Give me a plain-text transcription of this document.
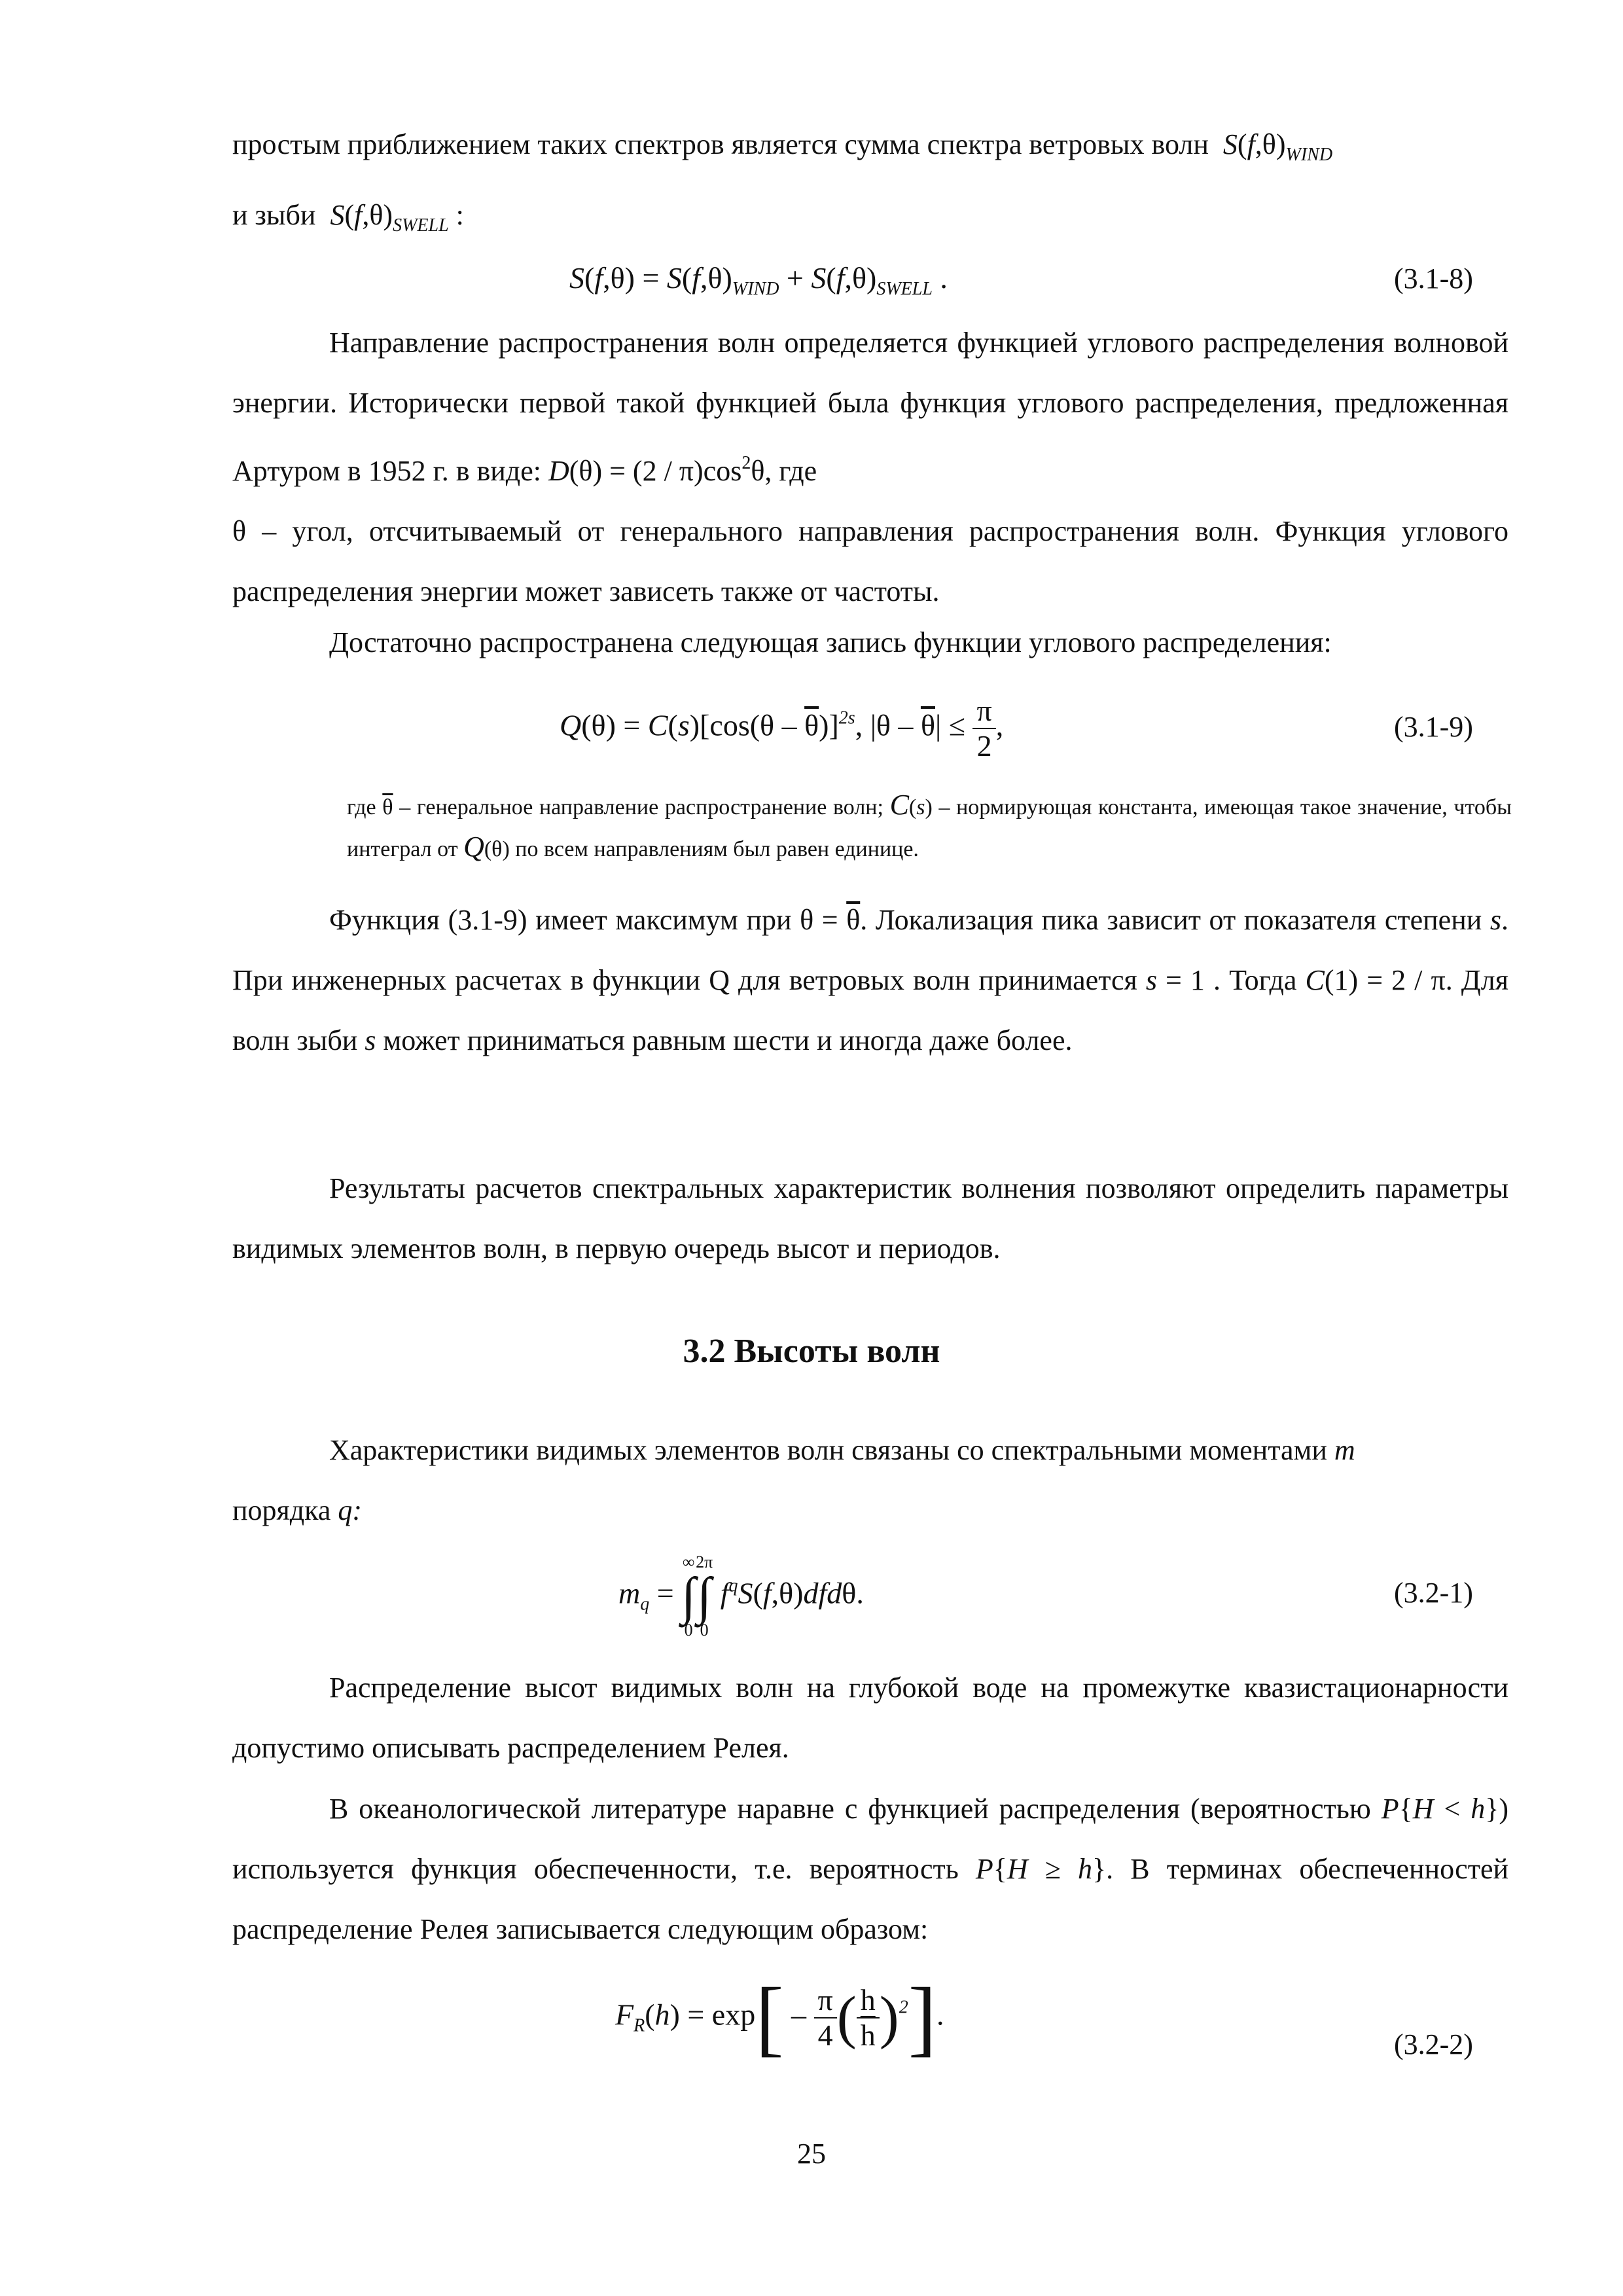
простым приближением таких спектров является сумма спектра ветровых волн  $S(f,\theta)_{WIND}$

и зыби  $S(f,\theta)_{SWELL}$ :

$S(f,\theta) = S(f,\theta)_{WIND} + S(f,\theta)_{SWELL}$ .	(3.1-8)

Направление распространения волн определяется функцией углового распределения волновой энергии. Исторически первой такой функцией была функция углового распределения, предложенная Артуром в 1952 г. в виде: $D(\theta) = (2 / \pi)\cos^2\theta$, где

θ – угол, отсчитываемый от генерального направления распространения волн. Функция углового распределения энергии может зависеть также от частоты.

Достаточно распространена следующая запись функции углового распределения:

$Q(\theta) = C(s)[\cos(\theta - \overline{\theta})]^{2s}$, $|\theta - \overline{\theta}| \le \frac{\pi}{2}$ ,	(3.1-9)

где $\overline{\theta}$ – генеральное направление распространение волн; C(s) – нормирующая константа, имеющая такое значение, чтобы интеграл от Q(θ) по всем направлениям был равен единице.

Функция (3.1-9) имеет максимум при $\theta = \overline{\theta}$. Локализация пика зависит от показателя степени s. При инженерных расчетах в функции Q для ветровых волн принимается s = 1 . Тогда C(1) = 2 / π. Для волн зыби s может приниматься равным шести и иногда даже более.

Результаты расчетов спектральных характеристик волнения позволяют определить параметры видимых элементов волн, в первую очередь высот и периодов.

3.2 Высоты волн

Характеристики видимых элементов волн связаны со спектральными моментами m

порядка q:

$m_q$ =
∞
∫
0
2π
∫
0
$f^qS(f,\theta)dfd\theta$.	(3.2-1)

Распределение высот видимых волн на глубокой воде на промежутке квазистационарности допустимо описывать распределением Релея.

В океанологической литературе наравне с функцией распределения (вероятностью P{H < h}) используется функция обеспеченности, т.е. вероятность P{H ≥ h}. В терминах обеспеченностей распределение Релея записывается следующим образом:

$F_R(h) = \exp[ - \frac{\pi}{4}$ ( $\frac{h}{h} )^2$].
(3.2-2)
25
